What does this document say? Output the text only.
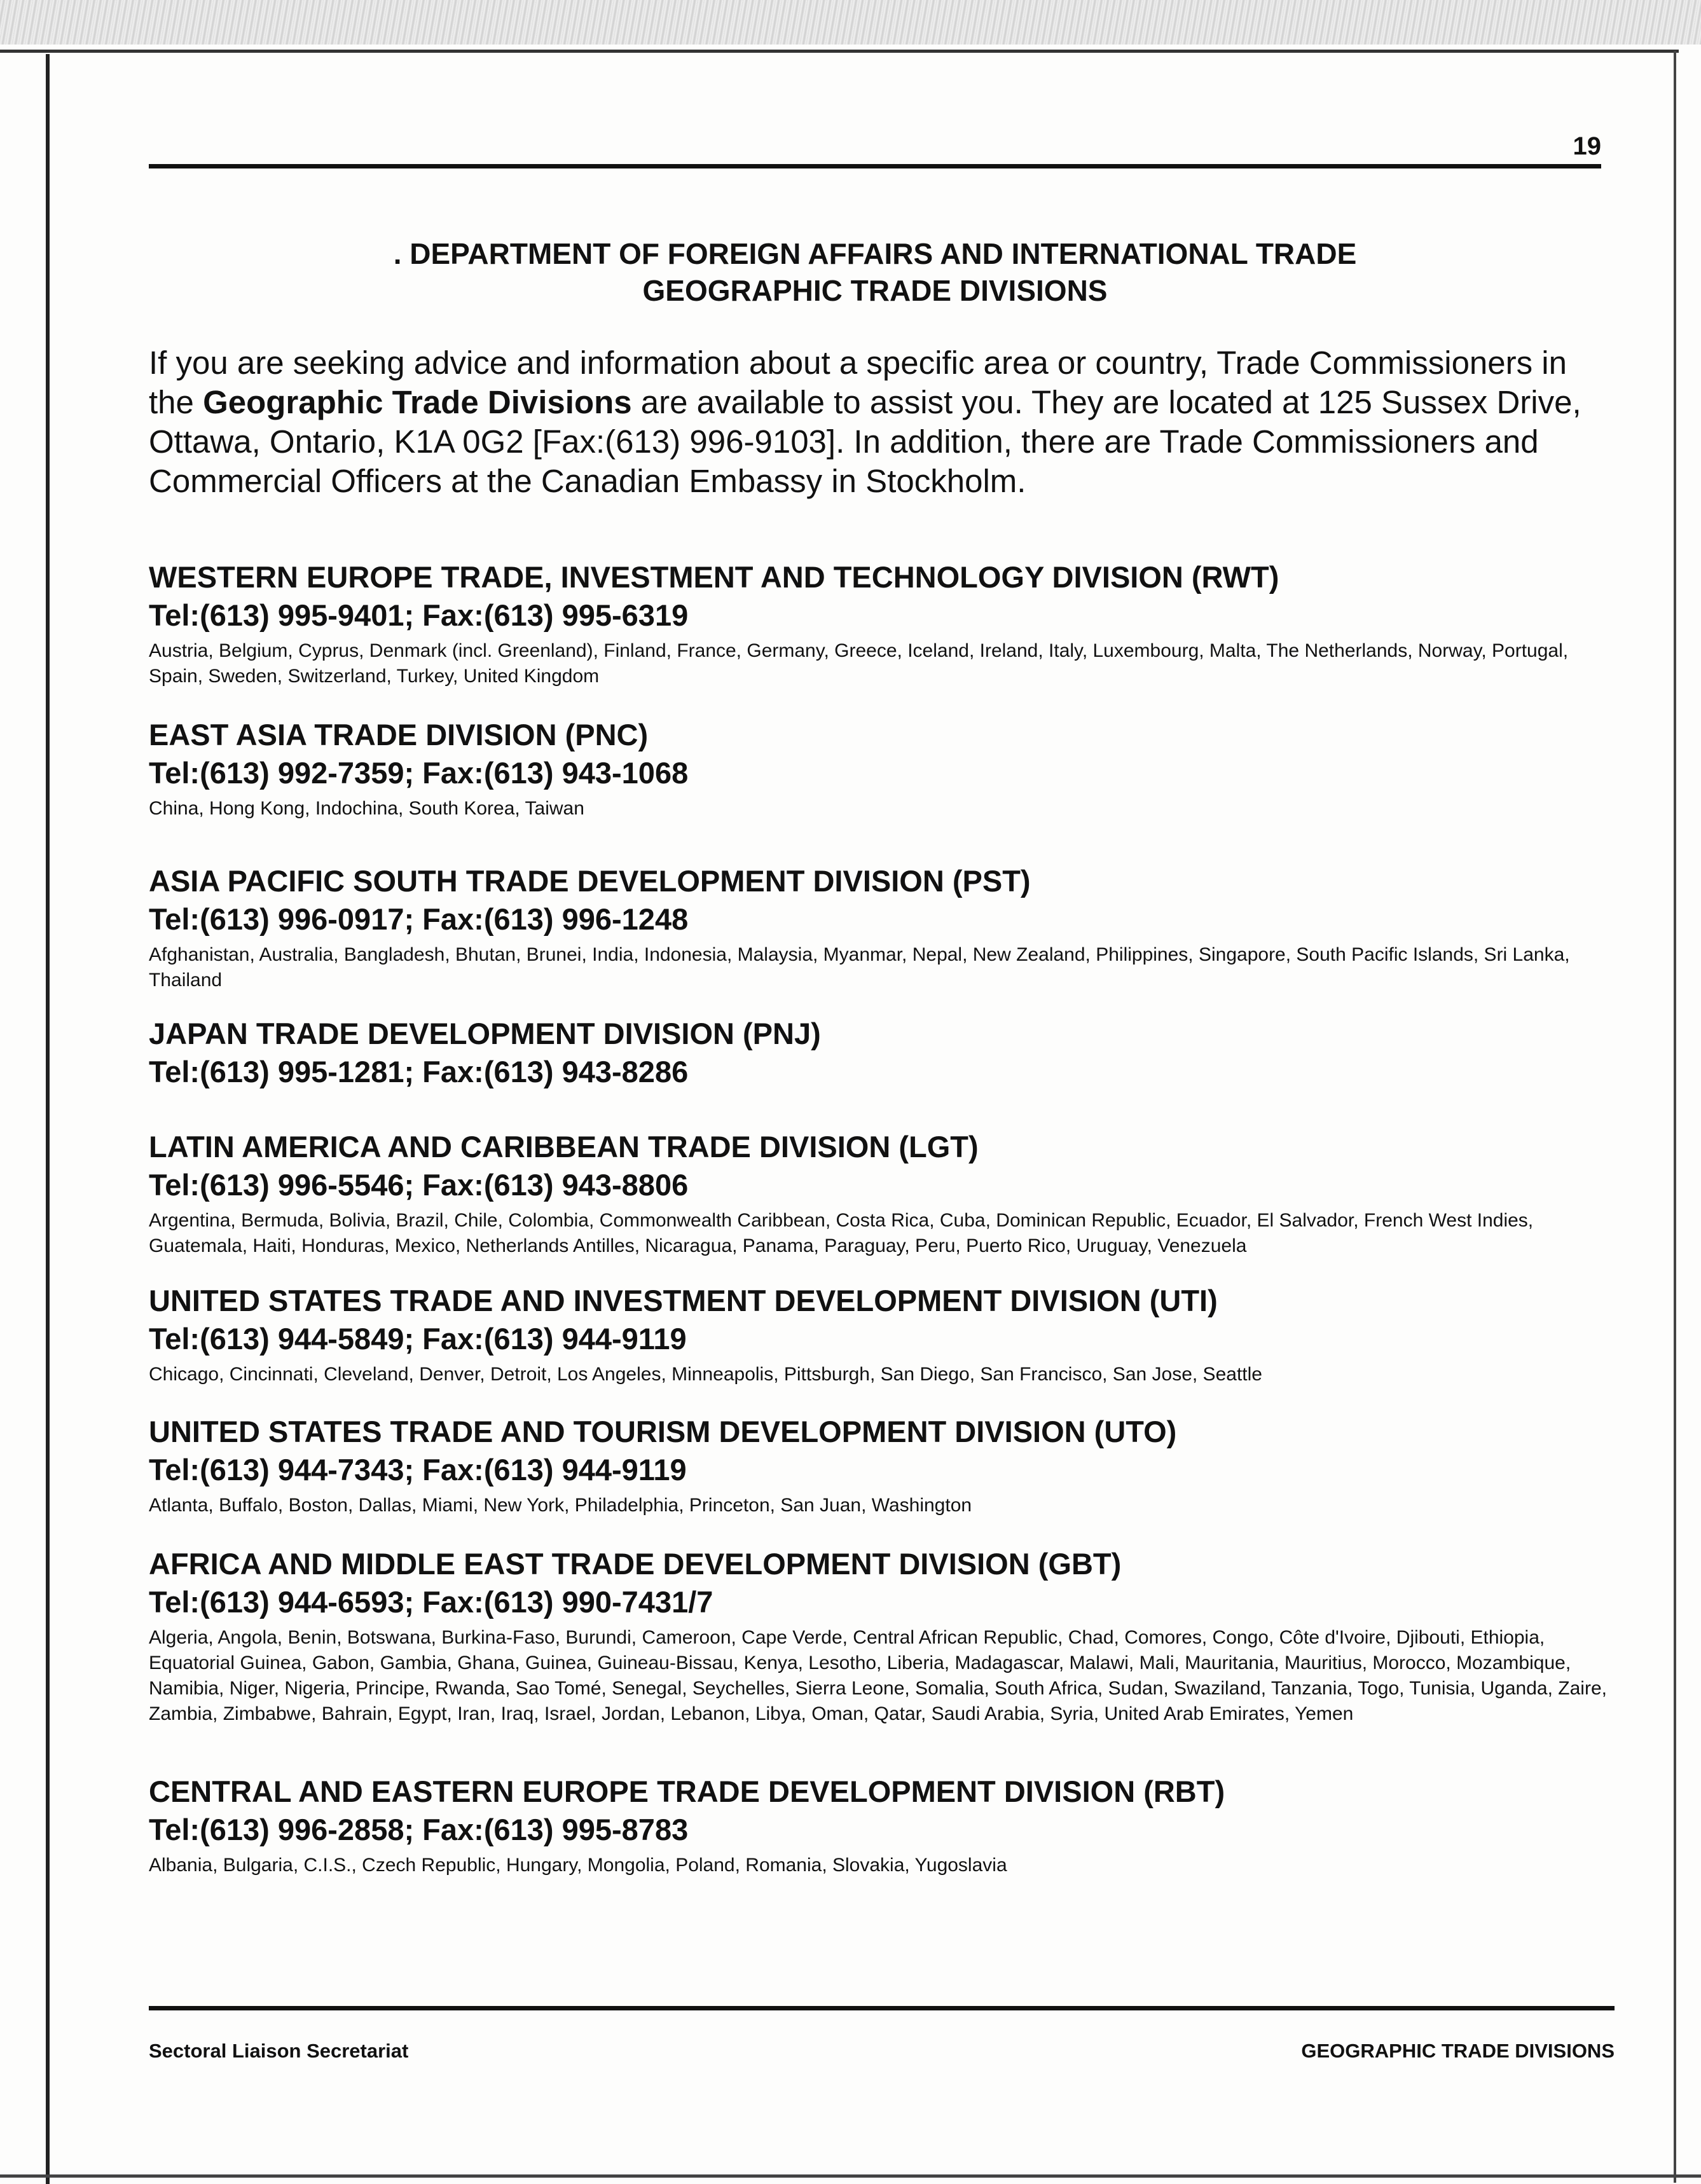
19
. DEPARTMENT OF FOREIGN AFFAIRS AND INTERNATIONAL TRADE
GEOGRAPHIC TRADE DIVISIONS
If you are seeking advice and information about a specific area or country, Trade Commissioners in the Geographic Trade Divisions are available to assist you. They are located at 125 Sussex Drive, Ottawa, Ontario, K1A 0G2 [Fax:(613) 996-9103]. In addition, there are Trade Commissioners and Commercial Officers at the Canadian Embassy in Stockholm.
WESTERN EUROPE TRADE, INVESTMENT AND TECHNOLOGY DIVISION (RWT)
Tel:(613) 995-9401; Fax:(613) 995-6319
Austria, Belgium, Cyprus, Denmark (incl. Greenland), Finland, France, Germany, Greece, Iceland, Ireland, Italy, Luxembourg, Malta, The Netherlands, Norway, Portugal, Spain, Sweden, Switzerland, Turkey, United Kingdom
EAST ASIA TRADE DIVISION (PNC)
Tel:(613) 992-7359; Fax:(613) 943-1068
China, Hong Kong, Indochina, South Korea, Taiwan
ASIA PACIFIC SOUTH TRADE DEVELOPMENT DIVISION (PST)
Tel:(613) 996-0917; Fax:(613) 996-1248
Afghanistan, Australia, Bangladesh, Bhutan, Brunei, India, Indonesia, Malaysia, Myanmar, Nepal, New Zealand, Philippines, Singapore, South Pacific Islands, Sri Lanka, Thailand
JAPAN TRADE DEVELOPMENT DIVISION (PNJ)
Tel:(613) 995-1281; Fax:(613) 943-8286
LATIN AMERICA AND CARIBBEAN TRADE DIVISION (LGT)
Tel:(613) 996-5546; Fax:(613) 943-8806
Argentina, Bermuda, Bolivia, Brazil, Chile, Colombia, Commonwealth Caribbean, Costa Rica, Cuba, Dominican Republic, Ecuador, El Salvador, French West Indies, Guatemala, Haiti, Honduras, Mexico, Netherlands Antilles, Nicaragua, Panama, Paraguay, Peru, Puerto Rico, Uruguay, Venezuela
UNITED STATES TRADE AND INVESTMENT DEVELOPMENT DIVISION (UTI)
Tel:(613) 944-5849; Fax:(613) 944-9119
Chicago, Cincinnati, Cleveland, Denver, Detroit, Los Angeles, Minneapolis, Pittsburgh, San Diego, San Francisco, San Jose, Seattle
UNITED STATES TRADE AND TOURISM DEVELOPMENT DIVISION (UTO)
Tel:(613) 944-7343; Fax:(613) 944-9119
Atlanta, Buffalo, Boston, Dallas, Miami, New York, Philadelphia, Princeton, San Juan, Washington
AFRICA AND MIDDLE EAST TRADE DEVELOPMENT DIVISION (GBT)
Tel:(613) 944-6593; Fax:(613) 990-7431/7
Algeria, Angola, Benin, Botswana, Burkina-Faso, Burundi, Cameroon, Cape Verde, Central African Republic, Chad, Comores, Congo, Côte d'Ivoire, Djibouti, Ethiopia, Equatorial Guinea, Gabon, Gambia, Ghana, Guinea, Guineau-Bissau, Kenya, Lesotho, Liberia, Madagascar, Malawi, Mali, Mauritania, Mauritius, Morocco, Mozambique, Namibia, Niger, Nigeria, Principe, Rwanda, Sao Tomé, Senegal, Seychelles, Sierra Leone, Somalia, South Africa, Sudan, Swaziland, Tanzania, Togo, Tunisia, Uganda, Zaire, Zambia, Zimbabwe, Bahrain, Egypt, Iran, Iraq, Israel, Jordan, Lebanon, Libya, Oman, Qatar, Saudi Arabia, Syria, United Arab Emirates, Yemen
CENTRAL AND EASTERN EUROPE TRADE DEVELOPMENT DIVISION (RBT)
Tel:(613) 996-2858; Fax:(613) 995-8783
Albania, Bulgaria, C.I.S., Czech Republic, Hungary, Mongolia, Poland, Romania, Slovakia, Yugoslavia
Sectoral Liaison Secretariat	GEOGRAPHIC TRADE DIVISIONS
